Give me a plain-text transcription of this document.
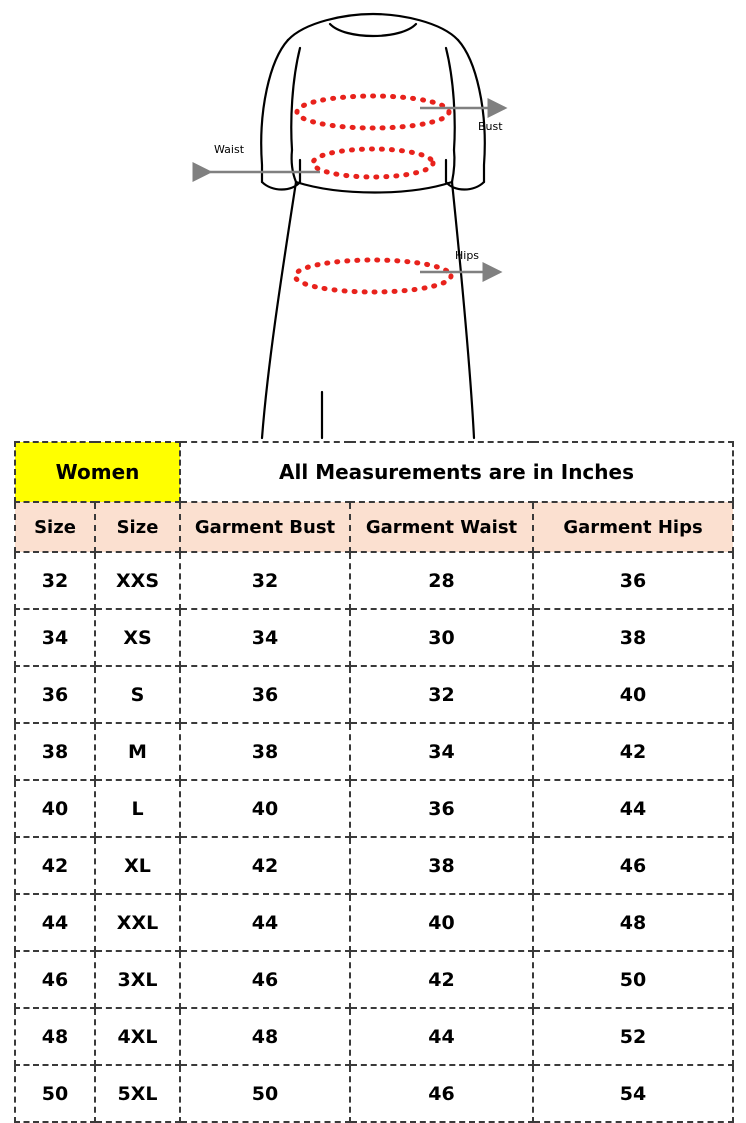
Bust
Waist
Hips
Women		All Measurements are in Inches		
Size	Size	Garment Bust	Garment Waist	Garment Hips
32	XXS	32	28	36
34	XS	34	30	38
36	S	36	32	40
38	M	38	34	42
40	L	40	36	44
42	XL	42	38	46
44	XXL	44	40	48
46	3XL	46	42	50
48	4XL	48	44	52
50	5XL	50	46	54
